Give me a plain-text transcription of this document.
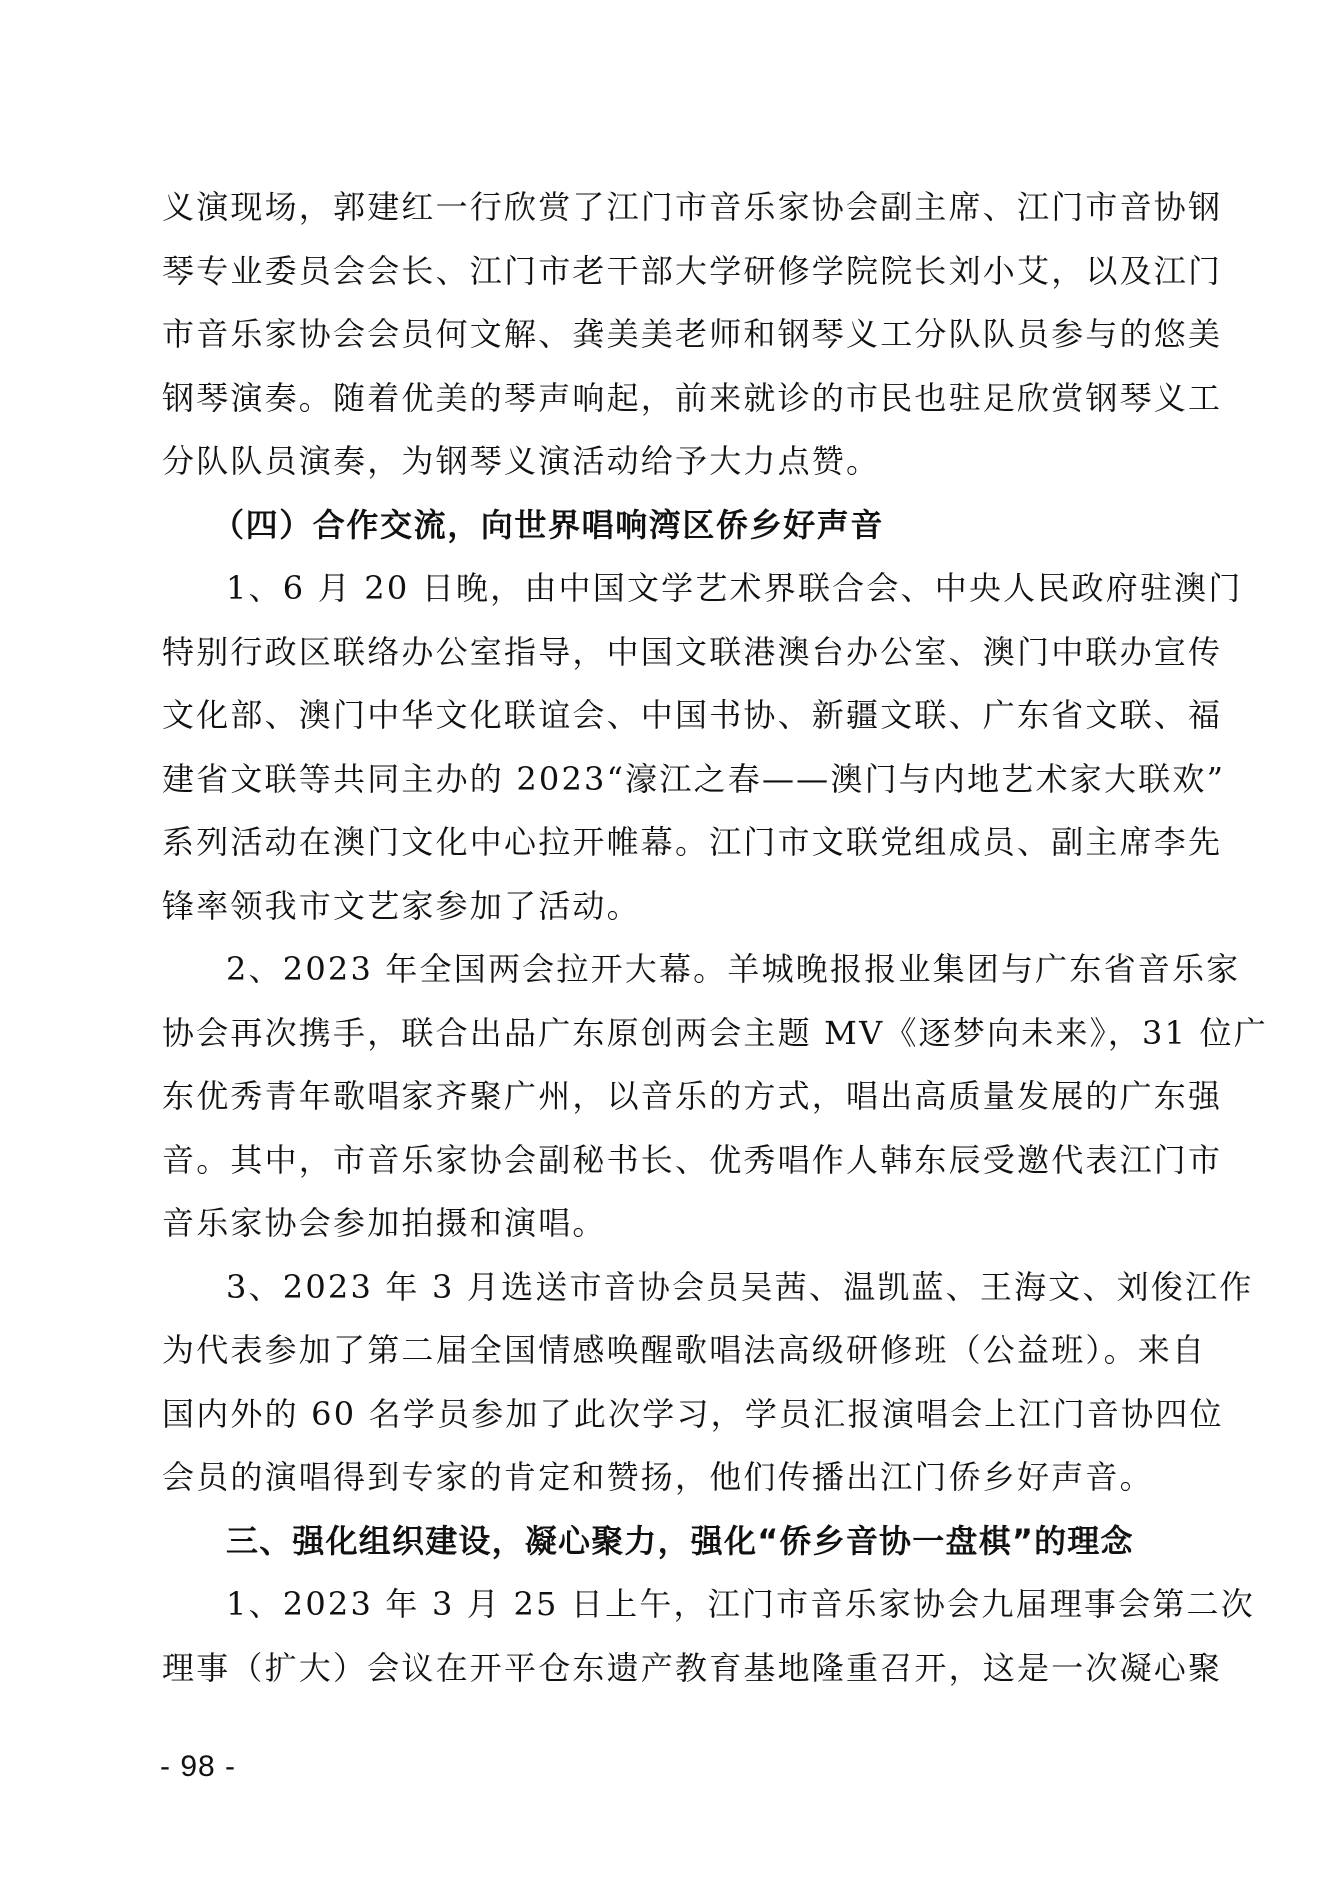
义演现场，郭建红一行欣赏了江门市音乐家协会副主席、江门市音协钢
琴专业委员会会长、江门市老干部大学研修学院院长刘小艾，以及江门
市音乐家协会会员何文解、龚美美老师和钢琴义工分队队员参与的悠美
钢琴演奏。随着优美的琴声响起，前来就诊的市民也驻足欣赏钢琴义工
分队队员演奏，为钢琴义演活动给予大力点赞。
（四）合作交流，向世界唱响湾区侨乡好声音
1、6 月 20 日晚，由中国文学艺术界联合会、中央人民政府驻澳门
特别行政区联络办公室指导，中国文联港澳台办公室、澳门中联办宣传
文化部、澳门中华文化联谊会、中国书协、新疆文联、广东省文联、福
建省文联等共同主办的 2023“濠江之春——澳门与内地艺术家大联欢”
系列活动在澳门文化中心拉开帷幕。江门市文联党组成员、副主席李先
锋率领我市文艺家参加了活动。
2、2023 年全国两会拉开大幕。羊城晚报报业集团与广东省音乐家
协会再次携手，联合出品广东原创两会主题 MV《逐梦向未来》，31 位广
东优秀青年歌唱家齐聚广州，以音乐的方式，唱出高质量发展的广东强
音。其中，市音乐家协会副秘书长、优秀唱作人韩东辰受邀代表江门市
音乐家协会参加拍摄和演唱。
3、2023 年 3 月选送市音协会员吴茜、温凯蓝、王海文、刘俊江作
为代表参加了第二届全国情感唤醒歌唱法高级研修班（公益班）。来自
国内外的 60 名学员参加了此次学习，学员汇报演唱会上江门音协四位
会员的演唱得到专家的肯定和赞扬，他们传播出江门侨乡好声音。
三、强化组织建设，凝心聚力，强化“侨乡音协一盘棋”的理念
1、2023 年 3 月 25 日上午，江门市音乐家协会九届理事会第二次
理事（扩大）会议在开平仓东遗产教育基地隆重召开，这是一次凝心聚
- 98 -
